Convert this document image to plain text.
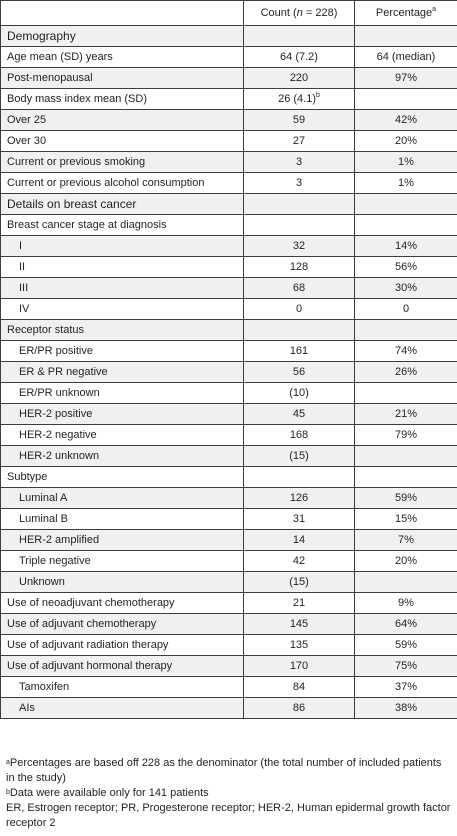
	Count (n = 228)	Percentage$^a$
Demography		
Age mean (SD) years	64 (7.2)	64 (median)
Post-menopausal	220	97%
Body mass index mean (SD)	26 $(4.1)^b$	
Over 25	59	42%
Over 30	27	20%
Current or previous smoking	3	1%
Current or previous alcohol consumption	3	1%
Details on breast cancer		
Breast cancer stage at diagnosis		
I	32	14%
II	128	56%
III	68	30%
IV	0	0
Receptor status		
ER/PR positive	161	74%
ER & PR negative	56	26%
ER/PR unknown	(10)	
HER-2 positive	45	21%
HER-2 negative	168	79%
HER-2 unknown	(15)	
Subtype		
Luminal A	126	59%
Luminal B	31	15%
HER-2 amplified	14	7%
Triple negative	42	20%
Unknown	(15)	
Use of neoadjuvant chemotherapy	21	9%
Use of adjuvant chemotherapy	145	64%
Use of adjuvant radiation therapy	135	59%
Use of adjuvant hormonal therapy	170	75%
Tamoxifen	84	37%
AIs	86	38%

$^a$Percentages are based off 228 as the denominator (the total number of included patients in the study)

$^b$Data were available only for 141 patients

ER, Estrogen receptor; PR, Progesterone receptor; HER-2, Human epidermal growth factor receptor 2
